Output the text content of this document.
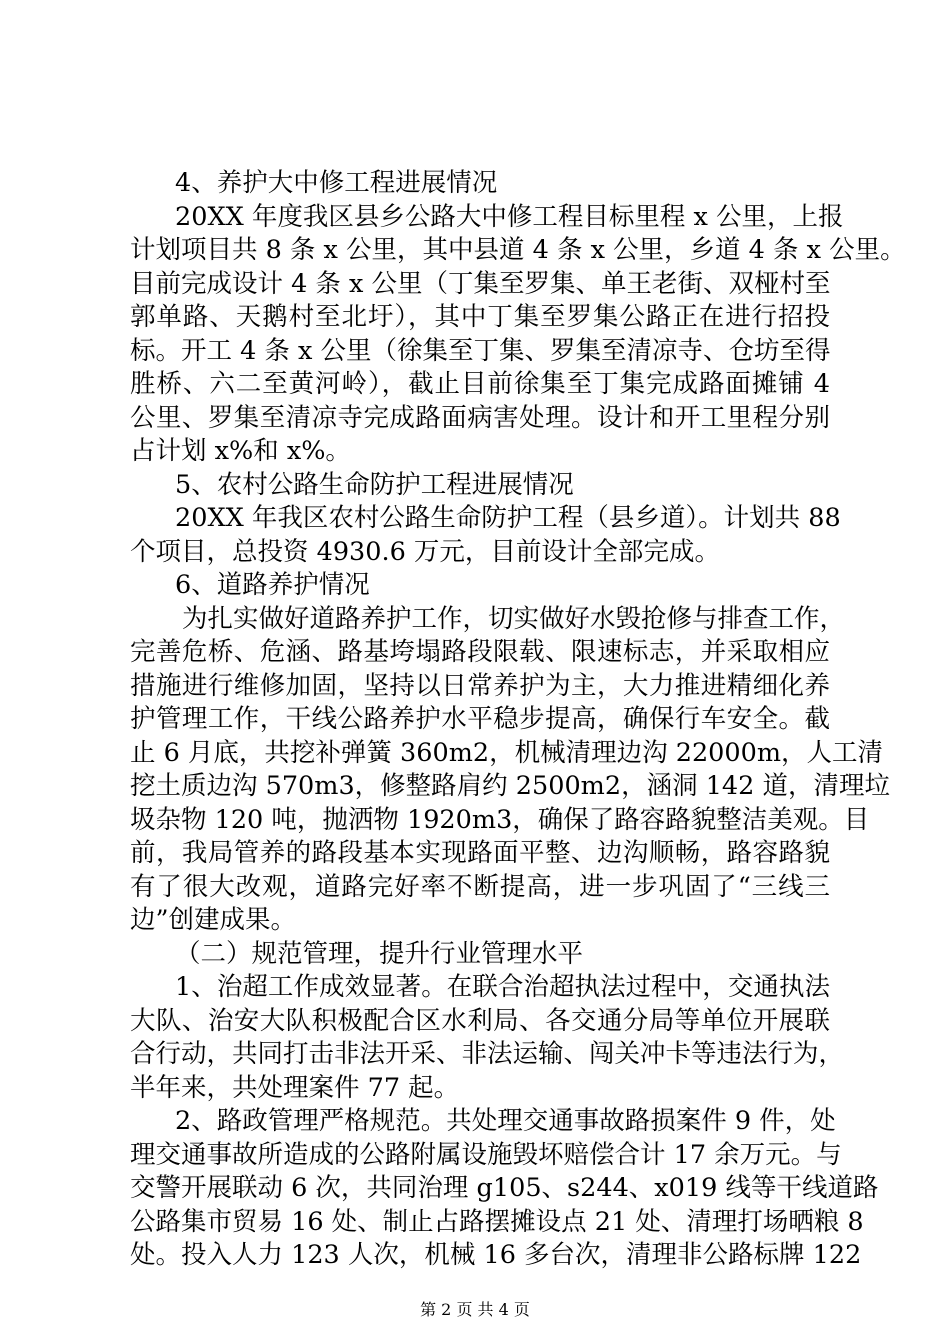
4、养护大中修工程进展情况
20XX 年度我区县乡公路大中修工程目标里程 x 公里，上报
计划项目共 8 条 x 公里，其中县道 4 条 x 公里，乡道 4 条 x 公里。
目前完成设计 4 条 x 公里（丁集至罗集、单王老街、双桠村至
郭单路、天鹅村至北圩），其中丁集至罗集公路正在进行招投
标。开工 4 条 x 公里（徐集至丁集、罗集至清凉寺、仓坊至得
胜桥、六二至黄河岭），截止目前徐集至丁集完成路面摊铺 4
公里、罗集至清凉寺完成路面病害处理。设计和开工里程分别
占计划 x%和 x%。
5、农村公路生命防护工程进展情况
20XX 年我区农村公路生命防护工程（县乡道）。计划共 88
个项目，总投资 4930.6 万元，目前设计全部完成。
6、道路养护情况
为扎实做好道路养护工作，切实做好水毁抢修与排查工作，
完善危桥、危涵、路基垮塌路段限载、限速标志，并采取相应
措施进行维修加固，坚持以日常养护为主，大力推进精细化养
护管理工作，干线公路养护水平稳步提高，确保行车安全。截
止 6 月底，共挖补弹簧 360m2，机械清理边沟 22000m，人工清
挖土质边沟 570m3，修整路肩约 2500m2，涵洞 142 道，清理垃
圾杂物 120 吨，抛洒物 1920m3，确保了路容路貌整洁美观。目
前，我局管养的路段基本实现路面平整、边沟顺畅，路容路貌
有了很大改观，道路完好率不断提高，进一步巩固了“三线三
边”创建成果。
（二）规范管理，提升行业管理水平
1、治超工作成效显著。在联合治超执法过程中，交通执法
大队、治安大队积极配合区水利局、各交通分局等单位开展联
合行动，共同打击非法开采、非法运输、闯关冲卡等违法行为，
半年来，共处理案件 77 起。
2、路政管理严格规范。共处理交通事故路损案件 9 件，处
理交通事故所造成的公路附属设施毁坏赔偿合计 17 余万元。与
交警开展联动 6 次，共同治理 g105、s244、x019 线等干线道路
公路集市贸易 16 处、制止占路摆摊设点 21 处、清理打场晒粮 8
处。投入人力 123 人次，机械 16 多台次，清理非公路标牌 122
第 2 页 共 4 页
